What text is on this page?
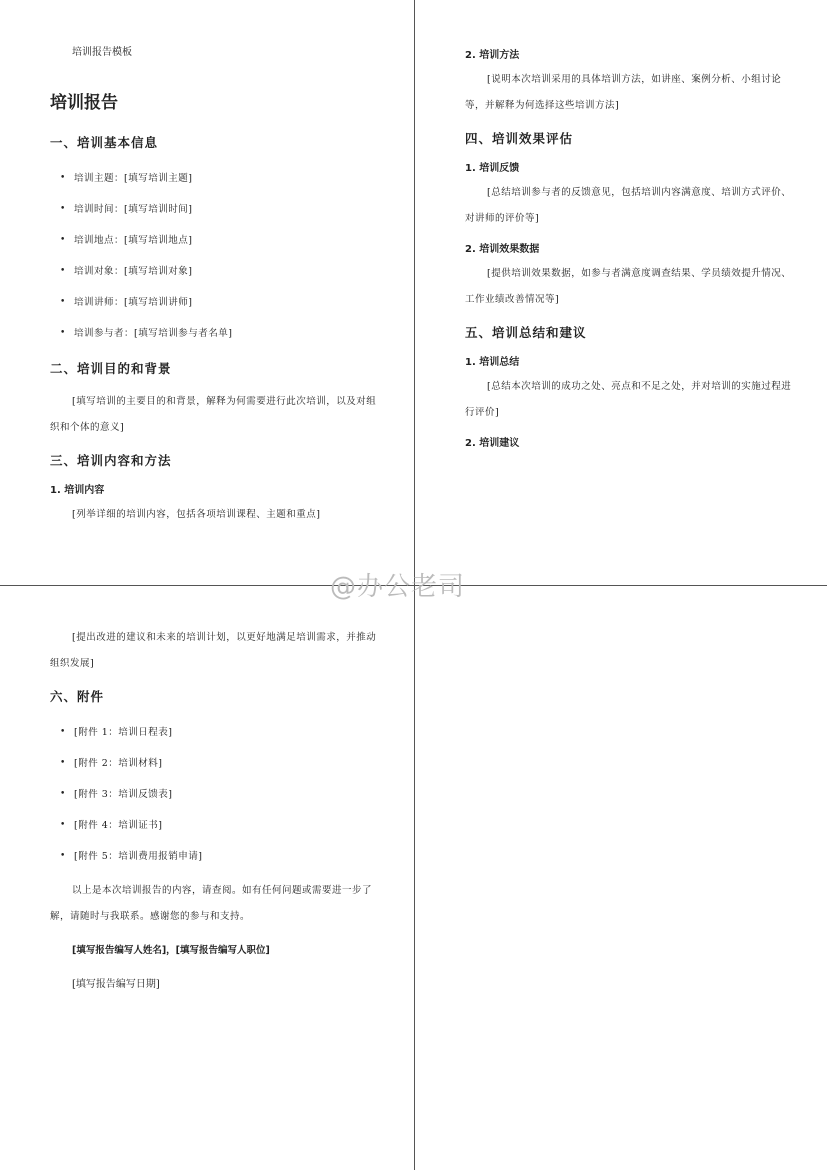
培训报告模板
培训报告
一、培训基本信息
• 培训主题：[填写培训主题]
• 培训时间：[填写培训时间]
• 培训地点：[填写培训地点]
• 培训对象：[填写培训对象]
• 培训讲师：[填写培训讲师]
• 培训参与者：[填写培训参与者名单]
二、培训目的和背景

[填写培训的主要目的和背景，解释为何需要进行此次培训，以及对组织和个体的意义]

三、培训内容和方法
1. 培训内容

[列举详细的培训内容，包括各项培训课程、主题和重点]

2. 培训方法

[说明本次培训采用的具体培训方法，如讲座、案例分析、小组讨论等，并解释为何选择这些培训方法]

四、培训效果评估
1. 培训反馈

[总结培训参与者的反馈意见，包括培训内容满意度、培训方式评价、对讲师的评价等]

2. 培训效果数据

[提供培训效果数据，如参与者满意度调查结果、学员绩效提升情况、工作业绩改善情况等]

五、培训总结和建议
1. 培训总结

[总结本次培训的成功之处、亮点和不足之处，并对培训的实施过程进行评价]

2. 培训建议

[提出改进的建议和未来的培训计划，以更好地满足培训需求，并推动组织发展]

六、附件
• [附件 1：培训日程表]
• [附件 2：培训材料]
• [附件 3：培训反馈表]
• [附件 4：培训证书]
• [附件 5：培训费用报销申请]

以上是本次培训报告的内容，请查阅。如有任何问题或需要进一步了解，请随时与我联系。感谢您的参与和支持。

[填写报告编写人姓名]，[填写报告编写人职位]
[填写报告编写日期]
@办公老司
